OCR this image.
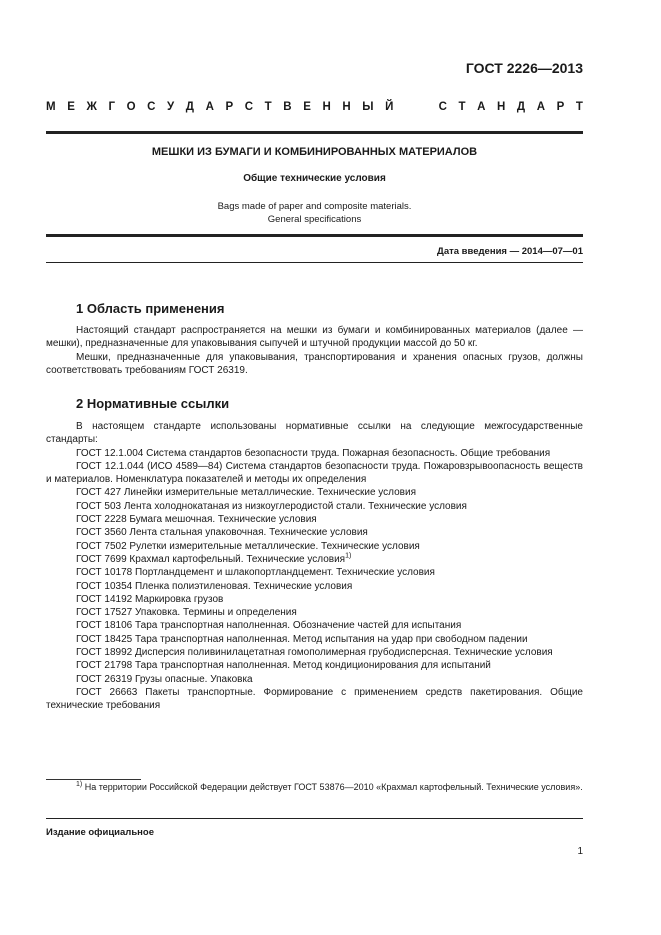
ГОСТ 2226—2013
М Е Ж Г О С У Д А Р С Т В Е Н Н Ы Й	С Т А Н Д А Р Т
МЕШКИ ИЗ БУМАГИ И КОМБИНИРОВАННЫХ МАТЕРИАЛОВ
Общие технические условия
Bags made of paper and composite materials.
General specifications
Дата введения — 2014—07—01
1 Область применения

Настоящий стандарт распространяется на мешки из бумаги и комбинированных материалов (далее — мешки), предназначенные для упаковывания сыпучей и штучной продукции массой до 50 кг.

Мешки, предназначенные для упаковывания, транспортирования и хранения опасных грузов, должны соответствовать требованиям ГОСТ 26319.

2 Нормативные ссылки

В настоящем стандарте использованы нормативные ссылки на следующие межгосударственные стандарты:

ГОСТ 12.1.004 Система стандартов безопасности труда. Пожарная безопасность. Общие требования

ГОСТ 12.1.044 (ИСО 4589—84) Система стандартов безопасности труда. Пожаровзрывоопасность веществ и материалов. Номенклатура показателей и методы их определения

ГОСТ 427 Линейки измерительные металлические. Технические условия

ГОСТ 503 Лента холоднокатаная из низкоуглеродистой стали. Технические условия

ГОСТ 2228 Бумага мешочная. Технические условия

ГОСТ 3560 Лента стальная упаковочная. Технические условия

ГОСТ 7502 Рулетки измерительные металлические. Технические условия

ГОСТ 7699 Крахмал картофельный. Технические условия$^{1)}$

ГОСТ 10178 Портландцемент и шлакопортландцемент. Технические условия

ГОСТ 10354 Пленка полиэтиленовая. Технические условия

ГОСТ 14192 Маркировка грузов

ГОСТ 17527 Упаковка. Термины и определения

ГОСТ 18106 Тара транспортная наполненная. Обозначение частей для испытания

ГОСТ 18425 Тара транспортная наполненная. Метод испытания на удар при свободном падении

ГОСТ 18992 Дисперсия поливинилацетатная гомополимерная грубодисперсная. Технические условия

ГОСТ 21798 Тара транспортная наполненная. Метод кондиционирования для испытаний

ГОСТ 26319 Грузы опасные. Упаковка

ГОСТ 26663 Пакеты транспортные. Формирование с применением средств пакетирования. Общие технические требования

$^{1)}$ На территории Российской Федерации действует ГОСТ 53876—2010 «Крахмал картофельный. Технические условия».

Издание официальное
1
